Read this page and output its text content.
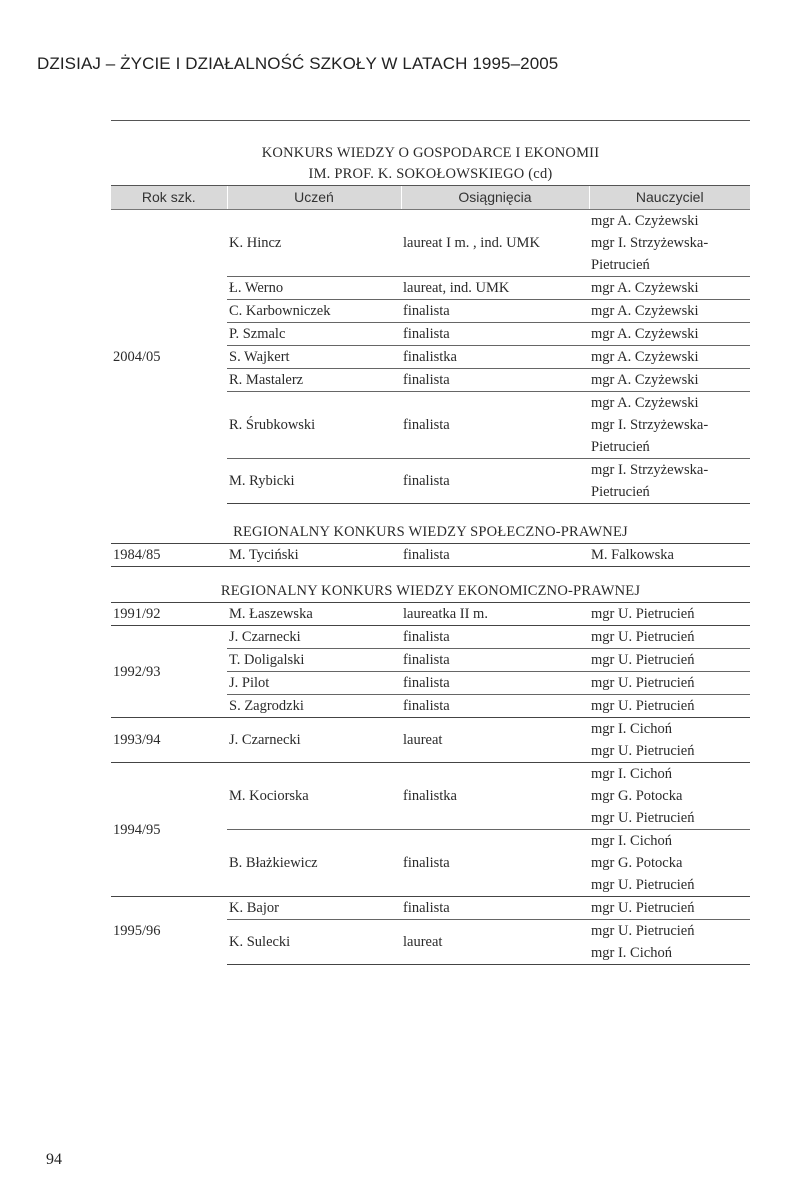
DZISIAJ – ŻYCIE I DZIAŁALNOŚĆ SZKOŁY W LATACH 1995–2005
KONKURS WIEDZY O GOSPODARCE I EKONOMII
IM. PROF. K. SOKOŁOWSKIEGO (cd)
Rok szk.	Uczeń	Osiągnięcia	Nauczyciel
2004/05	K. Hincz	laureat I m. , ind. UMK	mgr A. Czyżewski
mgr I. Strzyżewska-
Pietrucień

	Ł. Werno	laureat, ind. UMK	mgr A. Czyżewski

	C. Karbowniczek	finalista	mgr A. Czyżewski

	P. Szmalc	finalista	mgr A. Czyżewski

	S. Wajkert	finalistka	mgr A. Czyżewski

	R. Mastalerz	finalista	mgr A. Czyżewski

	R. Śrubkowski	finalista	mgr A. Czyżewski
mgr I. Strzyżewska-
Pietrucień

	M. Rybicki	finalista	mgr I. Strzyżewska-
Pietrucień
REGIONALNY KONKURS WIEDZY SPOŁECZNO-PRAWNEJ
1984/85	M. Tyciński	finalista	M. Falkowska
REGIONALNY KONKURS WIEDZY EKONOMICZNO-PRAWNEJ
1991/92	M. Łaszewska	laureatka II m.	mgr U. Pietrucień

1992/93	J. Czarnecki	finalista	mgr U. Pietrucień

	T. Doligalski	finalista	mgr U. Pietrucień

	J. Pilot	finalista	mgr U. Pietrucień

	S. Zagrodzki	finalista	mgr U. Pietrucień

1993/94	J. Czarnecki	laureat	mgr I. Cichoń
mgr U. Pietrucień

1994/95	M. Kociorska	finalistka	mgr I. Cichoń
mgr G. Potocka
mgr U. Pietrucień

	B. Błażkiewicz	finalista	mgr I. Cichoń
mgr G. Potocka
mgr U. Pietrucień

1995/96	K. Bajor	finalista	mgr U. Pietrucień

	K. Sulecki	laureat	mgr U. Pietrucień
mgr I. Cichoń
94
